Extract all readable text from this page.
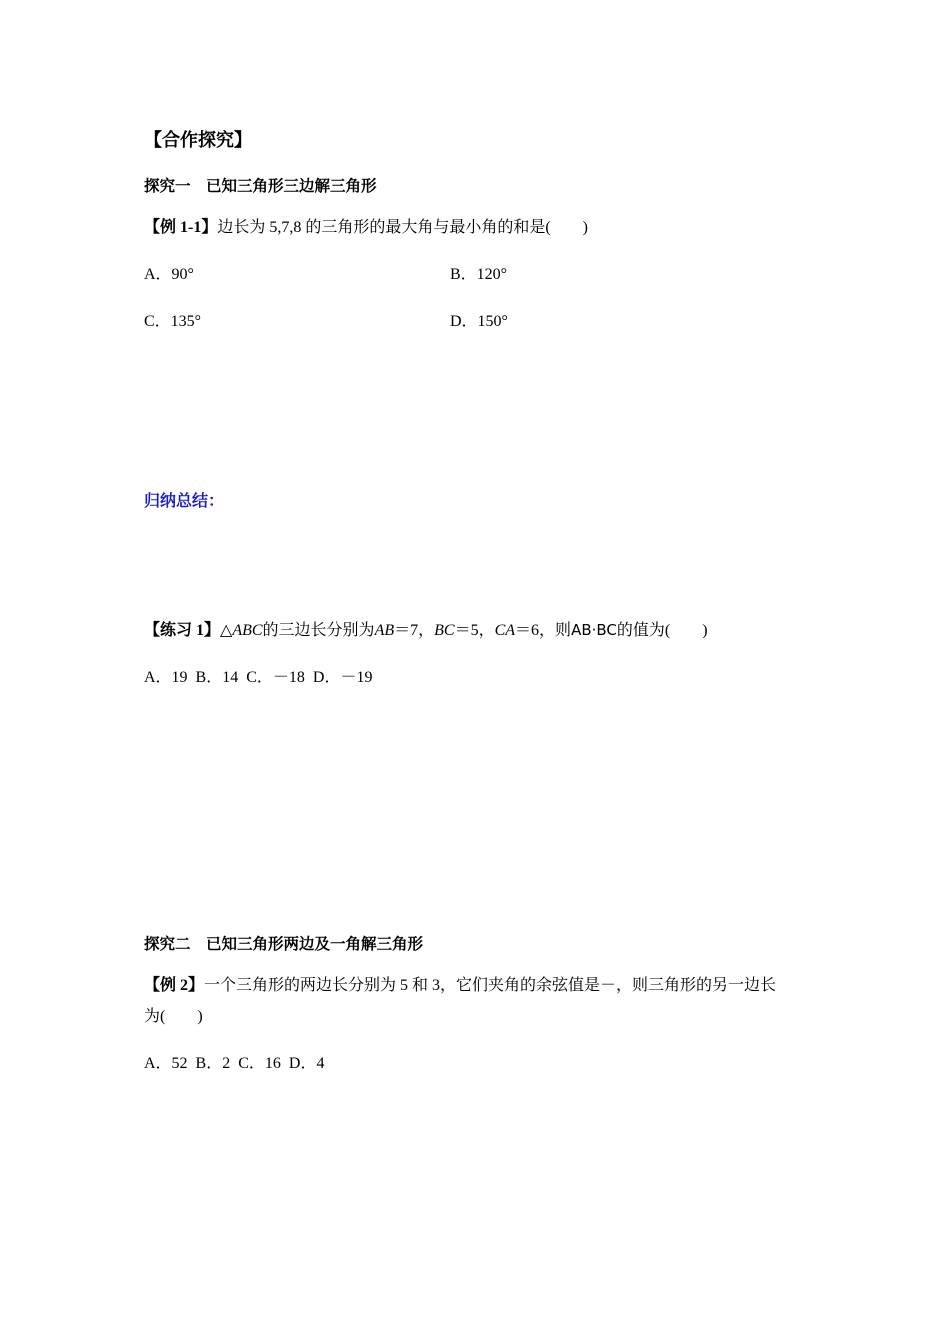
【合作探究】
探究一　已知三角形三边解三角形
【例 1-1】边长为 5,7,8 的三角形的最大角与最小角的和是(　　)
A．90°	B．120°
C．135°	D．150°
归纳总结：
【练习 1】△ABC的三边长分别为AB＝7，BC＝5，CA＝6，则AB·BC的值为(　　)
A．19  B．14  C．－18  D．－19
探究二　已知三角形两边及一角解三角形
【例 2】一个三角形的两边长分别为 5 和 3，它们夹角的余弦值是－，则三角形的另一边长
为(　　)
A．52  B．2  C．16  D．4
